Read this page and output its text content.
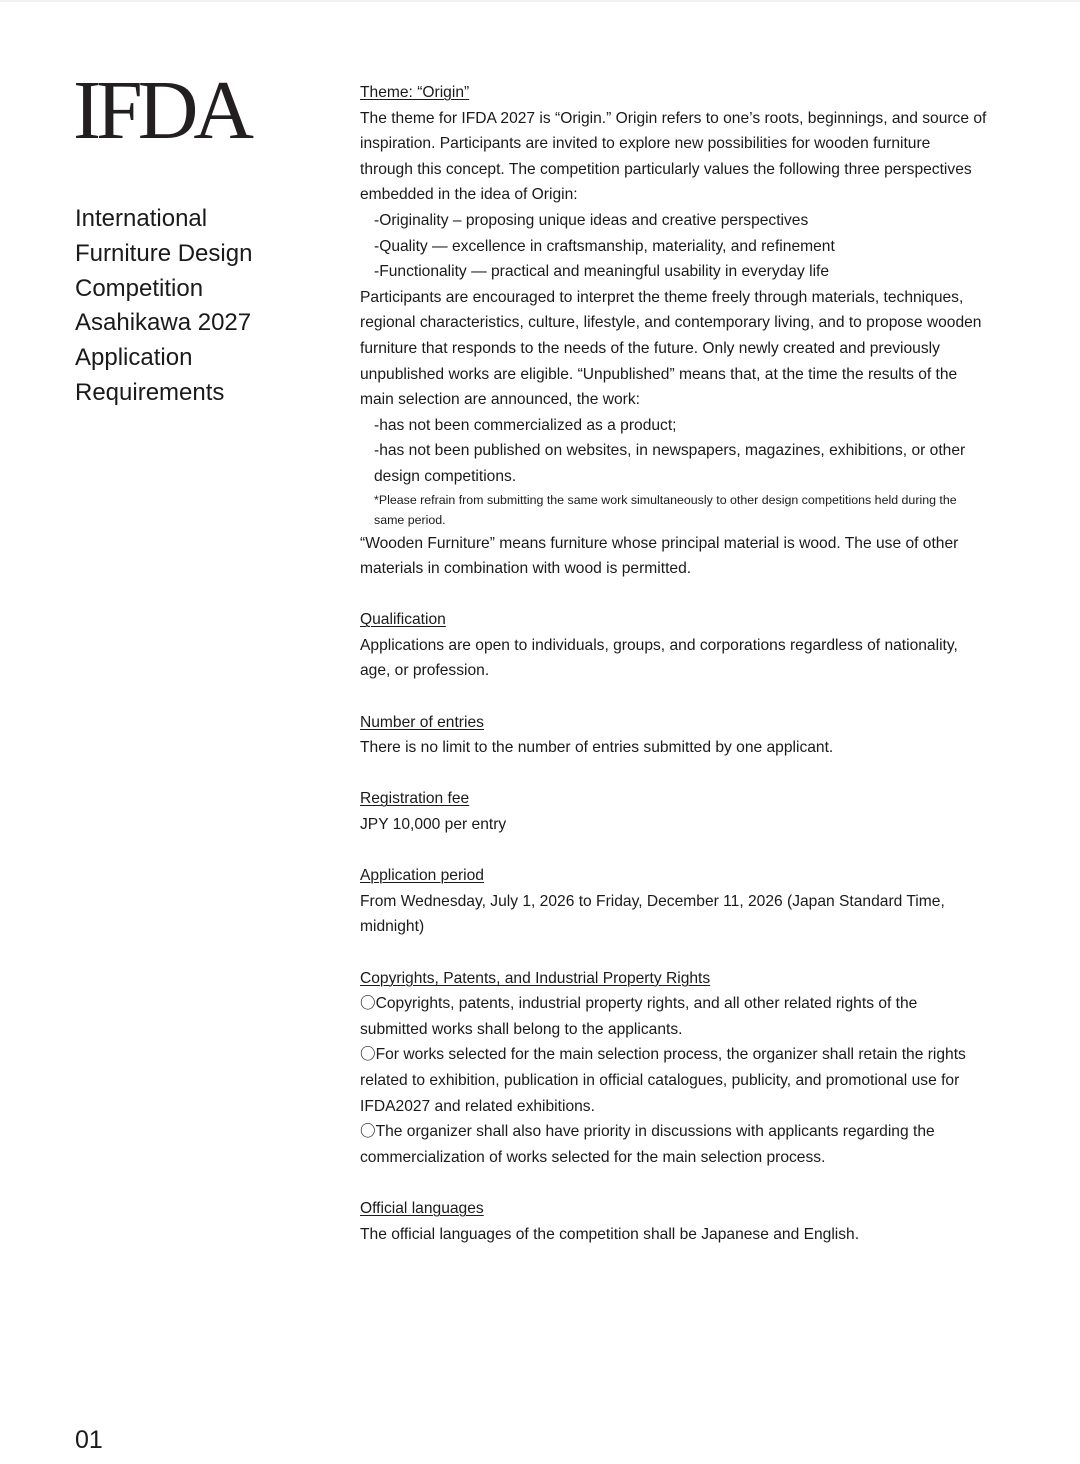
IFDA
International
Furniture Design
Competition
Asahikawa 2027
Application
Requirements
Theme: “Origin”
The theme for IFDA 2027 is “Origin.” Origin refers to one’s roots, beginnings, and source of
inspiration. Participants are invited to explore new possibilities for wooden furniture
through this concept. The competition particularly values the following three perspectives
embedded in the idea of Origin:
-Originality – proposing unique ideas and creative perspectives
-Quality — excellence in craftsmanship, materiality, and refinement
-Functionality — practical and meaningful usability in everyday life
Participants are encouraged to interpret the theme freely through materials, techniques,
regional characteristics, culture, lifestyle, and contemporary living, and to propose wooden
furniture that responds to the needs of the future. Only newly created and previously
unpublished works are eligible. “Unpublished” means that, at the time the results of the
main selection are announced, the work:
-has not been commercialized as a product;
-has not been published on websites, in newspapers, magazines, exhibitions, or other
design competitions.
*Please refrain from submitting the same work simultaneously to other design competitions held during the
same period.
“Wooden Furniture” means furniture whose principal material is wood. The use of other
materials in combination with wood is permitted.
Qualification
Applications are open to individuals, groups, and corporations regardless of nationality,
age, or profession.
Number of entries
There is no limit to the number of entries submitted by one applicant.
Registration fee
JPY 10,000 per entry
Application period
From Wednesday, July 1, 2026 to Friday, December 11, 2026 (Japan Standard Time,
midnight)
Copyrights, Patents, and Industrial Property Rights
〇Copyrights, patents, industrial property rights, and all other related rights of the
submitted works shall belong to the applicants.
〇For works selected for the main selection process, the organizer shall retain the rights
related to exhibition, publication in official catalogues, publicity, and promotional use for
IFDA2027 and related exhibitions.
〇The organizer shall also have priority in discussions with applicants regarding the
commercialization of works selected for the main selection process.
Official languages
The official languages of the competition shall be Japanese and English.
01
